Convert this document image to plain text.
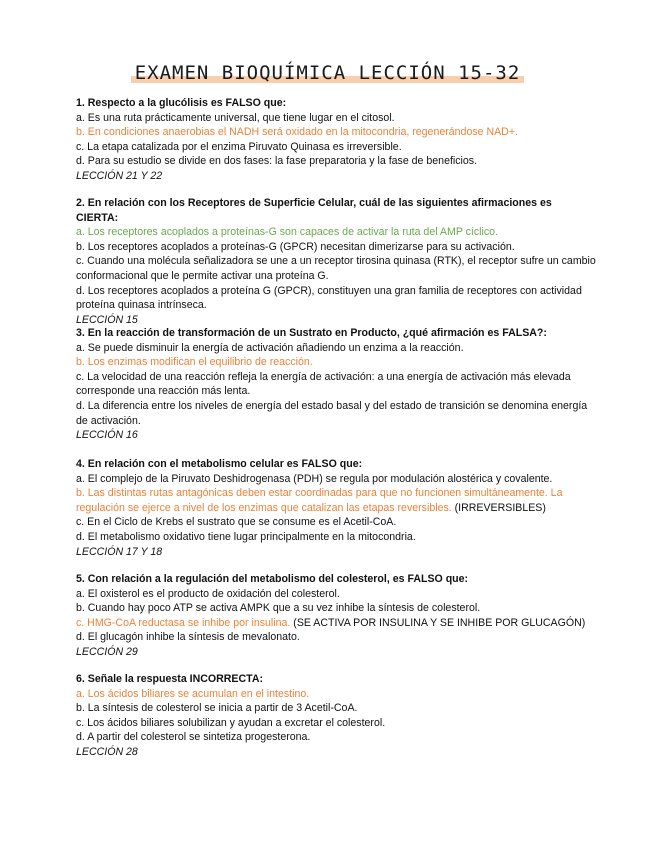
EXAMEN BIOQUÍMICA LECCIÓN 15-32
1. Respecto a la glucólisis es FALSO que:
a. Es una ruta prácticamente universal, que tiene lugar en el citosol.
b. En condiciones anaerobias el NADH será oxidado en la mitocondria, regenerándose NAD+.
c. La etapa catalizada por el enzima Piruvato Quinasa es irreversible.
d. Para su estudio se divide en dos fases: la fase preparatoria y la fase de beneficios.
LECCIÓN 21 Y 22
2. En relación con los Receptores de Superficie Celular, cuál de las siguientes afirmaciones es CIERTA:
a. Los receptores acoplados a proteínas-G son capaces de activar la ruta del AMP cíclico.
b. Los receptores acoplados a proteínas-G (GPCR) necesitan dimerizarse para su activación.
c. Cuando una molécula señalizadora se une a un receptor tirosina quinasa (RTK), el receptor sufre un cambio conformacional que le permite activar una proteína G.
d. Los receptores acoplados a proteína G (GPCR), constituyen una gran familia de receptores con actividad proteína quinasa intrínseca.
LECCIÓN 15
3. En la reacción de transformación de un Sustrato en Producto, ¿qué afirmación es FALSA?:
a. Se puede disminuir la energía de activación añadiendo un enzima a la reacción.
b. Los enzimas modifican el equilibrio de reacción.
c. La velocidad de una reacción refleja la energía de activación: a una energía de activación más elevada corresponde una reacción más lenta.
d. La diferencia entre los niveles de energía del estado basal y del estado de transición se denomina energía de activación.
LECCIÓN 16
4. En relación con el metabolismo celular es FALSO que:
a. El complejo de la Piruvato Deshidrogenasa (PDH) se regula por modulación alostérica y covalente.
b. Las distintas rutas antagónicas deben estar coordinadas para que no funcionen simultáneamente. La regulación se ejerce a nivel de los enzimas que catalizan las etapas reversibles. (IRREVERSIBLES)
c. En el Ciclo de Krebs el sustrato que se consume es el Acetil-CoA.
d. El metabolismo oxidativo tiene lugar principalmente en la mitocondria.
LECCIÓN 17 Y 18
5. Con relación a la regulación del metabolismo del colesterol, es FALSO que:
a. El oxisterol es el producto de oxidación del colesterol.
b. Cuando hay poco ATP se activa AMPK que a su vez inhibe la síntesis de colesterol.
c. HMG-CoA reductasa se inhibe por insulina. (SE ACTIVA POR INSULINA Y SE INHIBE POR GLUCAGÓN)
d. El glucagón inhibe la síntesis de mevalonato.
LECCIÓN 29
6. Señale la respuesta INCORRECTA:
a. Los ácidos biliares se acumulan en el intestino.
b. La síntesis de colesterol se inicia a partir de 3 Acetil-CoA.
c. Los ácidos biliares solubilizan y ayudan a excretar el colesterol.
d. A partir del colesterol se sintetiza progesterona.
LECCIÓN 28
